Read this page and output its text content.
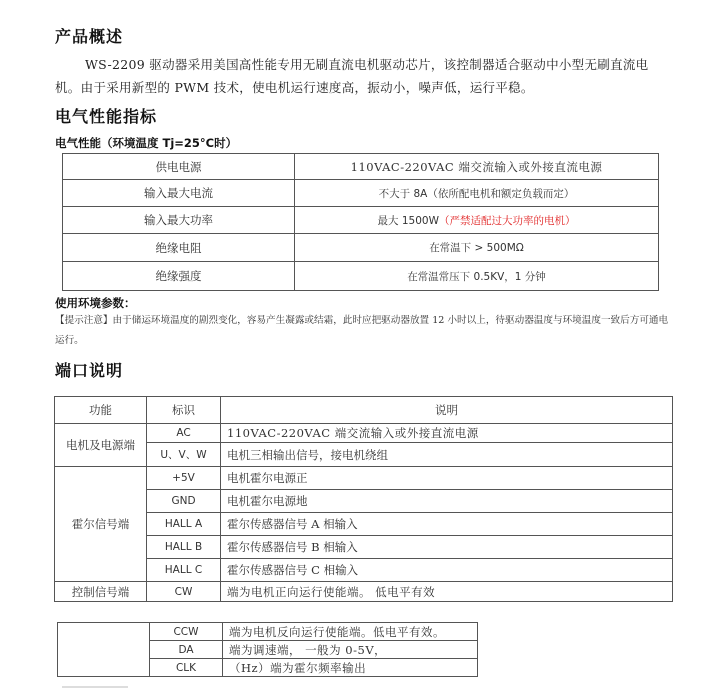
产品概述
WS-2209 驱动器采用美国高性能专用无刷直流电机驱动芯片，该控制器适合驱动中小型无刷直流电机。由于采用新型的 PWM 技术，使电机运行速度高，振动小，噪声低，运行平稳。
电气性能指标
电气性能（环境温度 Tj=25°C时）
供电电源	110VAC-220VAC 端交流输入或外接直流电源
输入最大电流	不大于 8A（依所配电机和额定负载而定）
输入最大功率	最大 1500W（严禁适配过大功率的电机）
绝缘电阻	在常温下 > 500MΩ
绝缘强度	在常温常压下 0.5KV，1 分钟
使用环境参数：
【提示注意】由于储运环境温度的剧烈变化，容易产生凝露或结霜，此时应把驱动器放置 12 小时以上，待驱动器温度与环境温度一致后方可通电运行。
端口说明
功能	标识	说明
电机及电源端	AC	110VAC-220VAC 端交流输入或外接直流电源
	U、V、W	电机三相输出信号，接电机绕组
霍尔信号端	+5V	电机霍尔电源正
	GND	电机霍尔电源地
	HALL A	霍尔传感器信号 A 相输入
	HALL B	霍尔传感器信号 B 相输入
	HALL C	霍尔传感器信号 C 相输入
控制信号端	CW	端为电机正向运行使能端。 低电平有效
	CCW	端为电机反向运行使能端。低电平有效。
	DA	端为调速端， 一般为 0-5V，
	CLK	（Hz）端为霍尔频率输出
